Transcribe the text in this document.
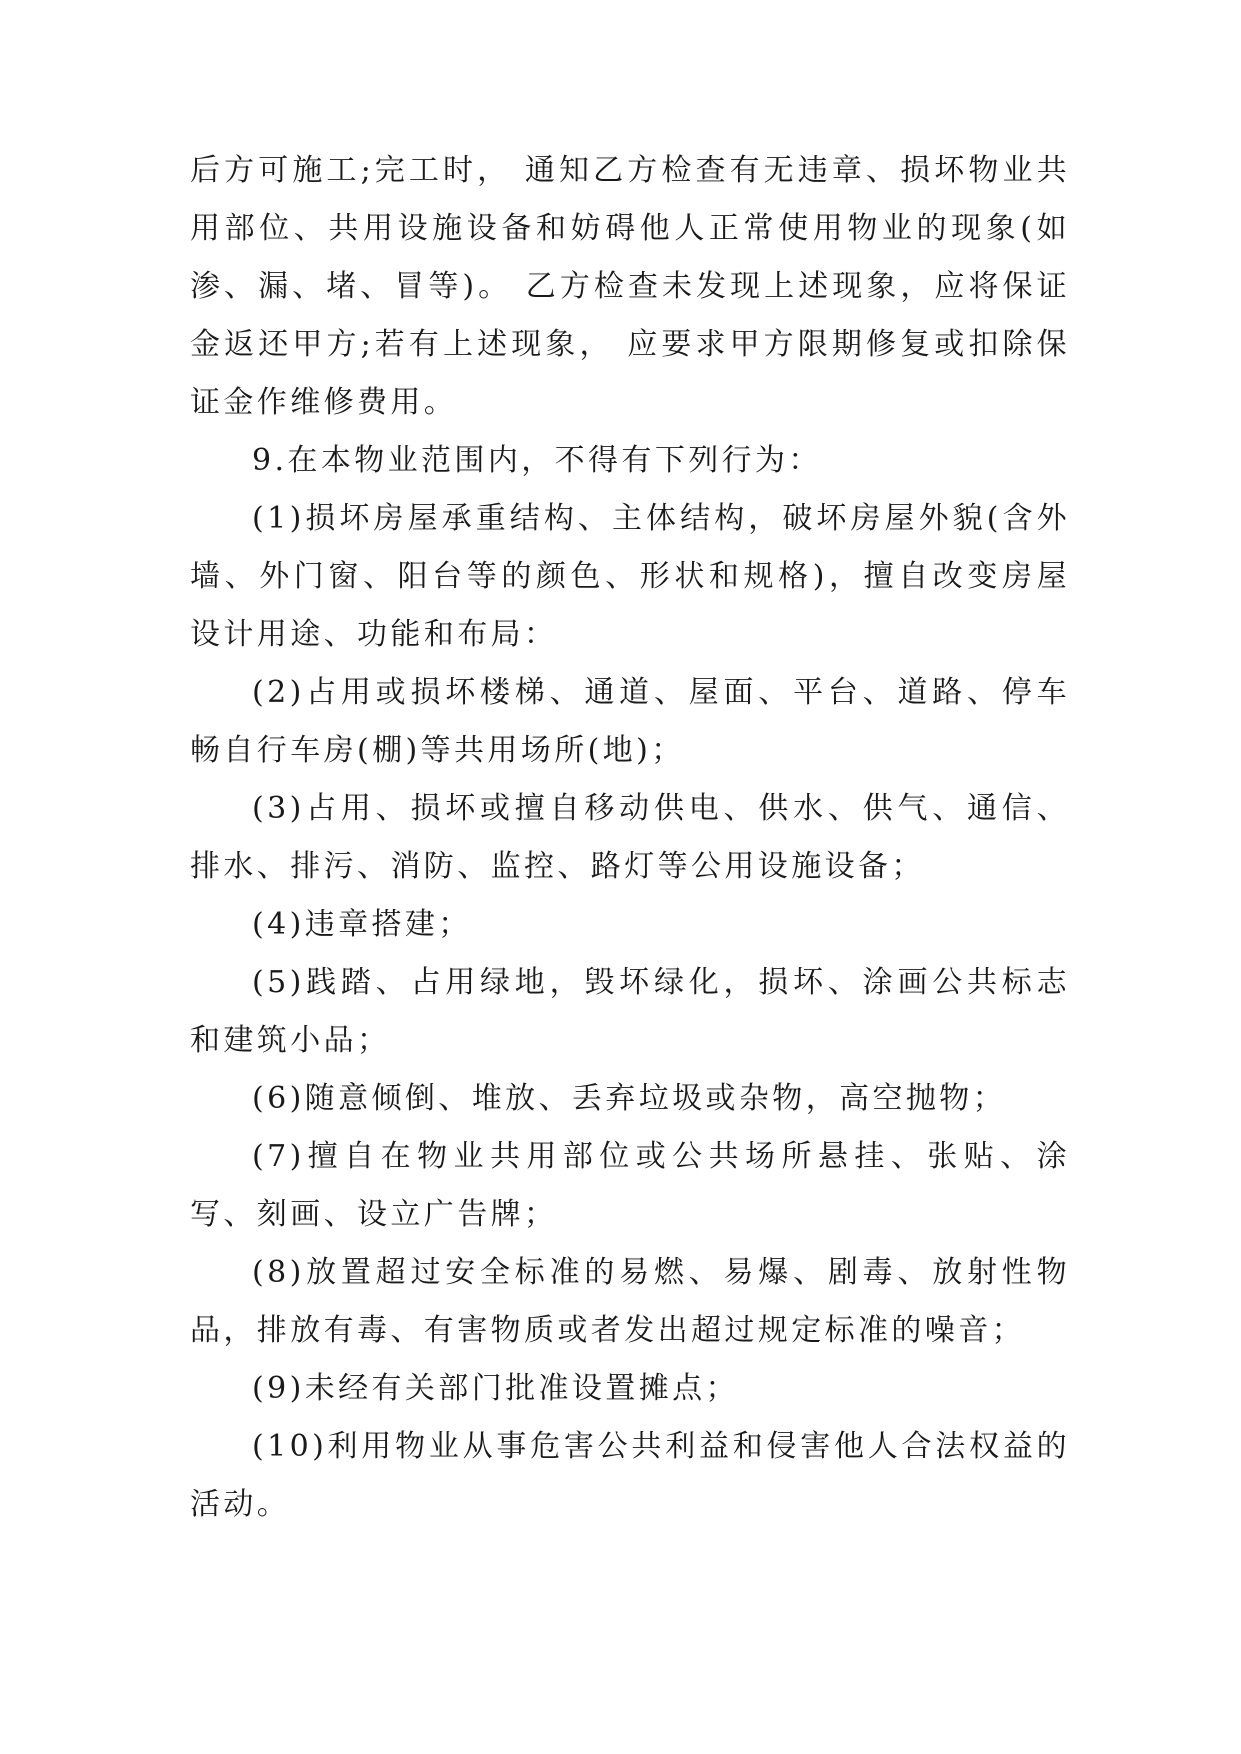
后方可施工;完工时， 通知乙方检查有无违章、损坏物业共用部位、共用设施设备和妨碍他人正常使用物业的现象(如渗、漏、堵、冒等)。 乙方检查未发现上述现象，应将保证金返还甲方;若有上述现象， 应要求甲方限期修复或扣除保证金作维修费用。

9.在本物业范围内，不得有下列行为：

(1)损坏房屋承重结构、主体结构，破坏房屋外貌(含外墙、外门窗、阳台等的颜色、形状和规格)，擅自改变房屋设计用途、功能和布局：

(2)占用或损坏楼梯、通道、屋面、平台、道路、停车畅自行车房(棚)等共用场所(地)；

(3)占用、损坏或擅自移动供电、供水、供气、通信、排水、排污、消防、监控、路灯等公用设施设备；

(4)违章搭建；

(5)践踏、占用绿地，毁坏绿化，损坏、涂画公共标志和建筑小品；

(6)随意倾倒、堆放、丢弃垃圾或杂物，高空抛物；

(7)擅自在物业共用部位或公共场所悬挂、张贴、涂写、刻画、设立广告牌；

(8)放置超过安全标准的易燃、易爆、剧毒、放射性物品，排放有毒、有害物质或者发出超过规定标准的噪音；

(9)未经有关部门批准设置摊点；

(10)利用物业从事危害公共利益和侵害他人合法权益的活动。
